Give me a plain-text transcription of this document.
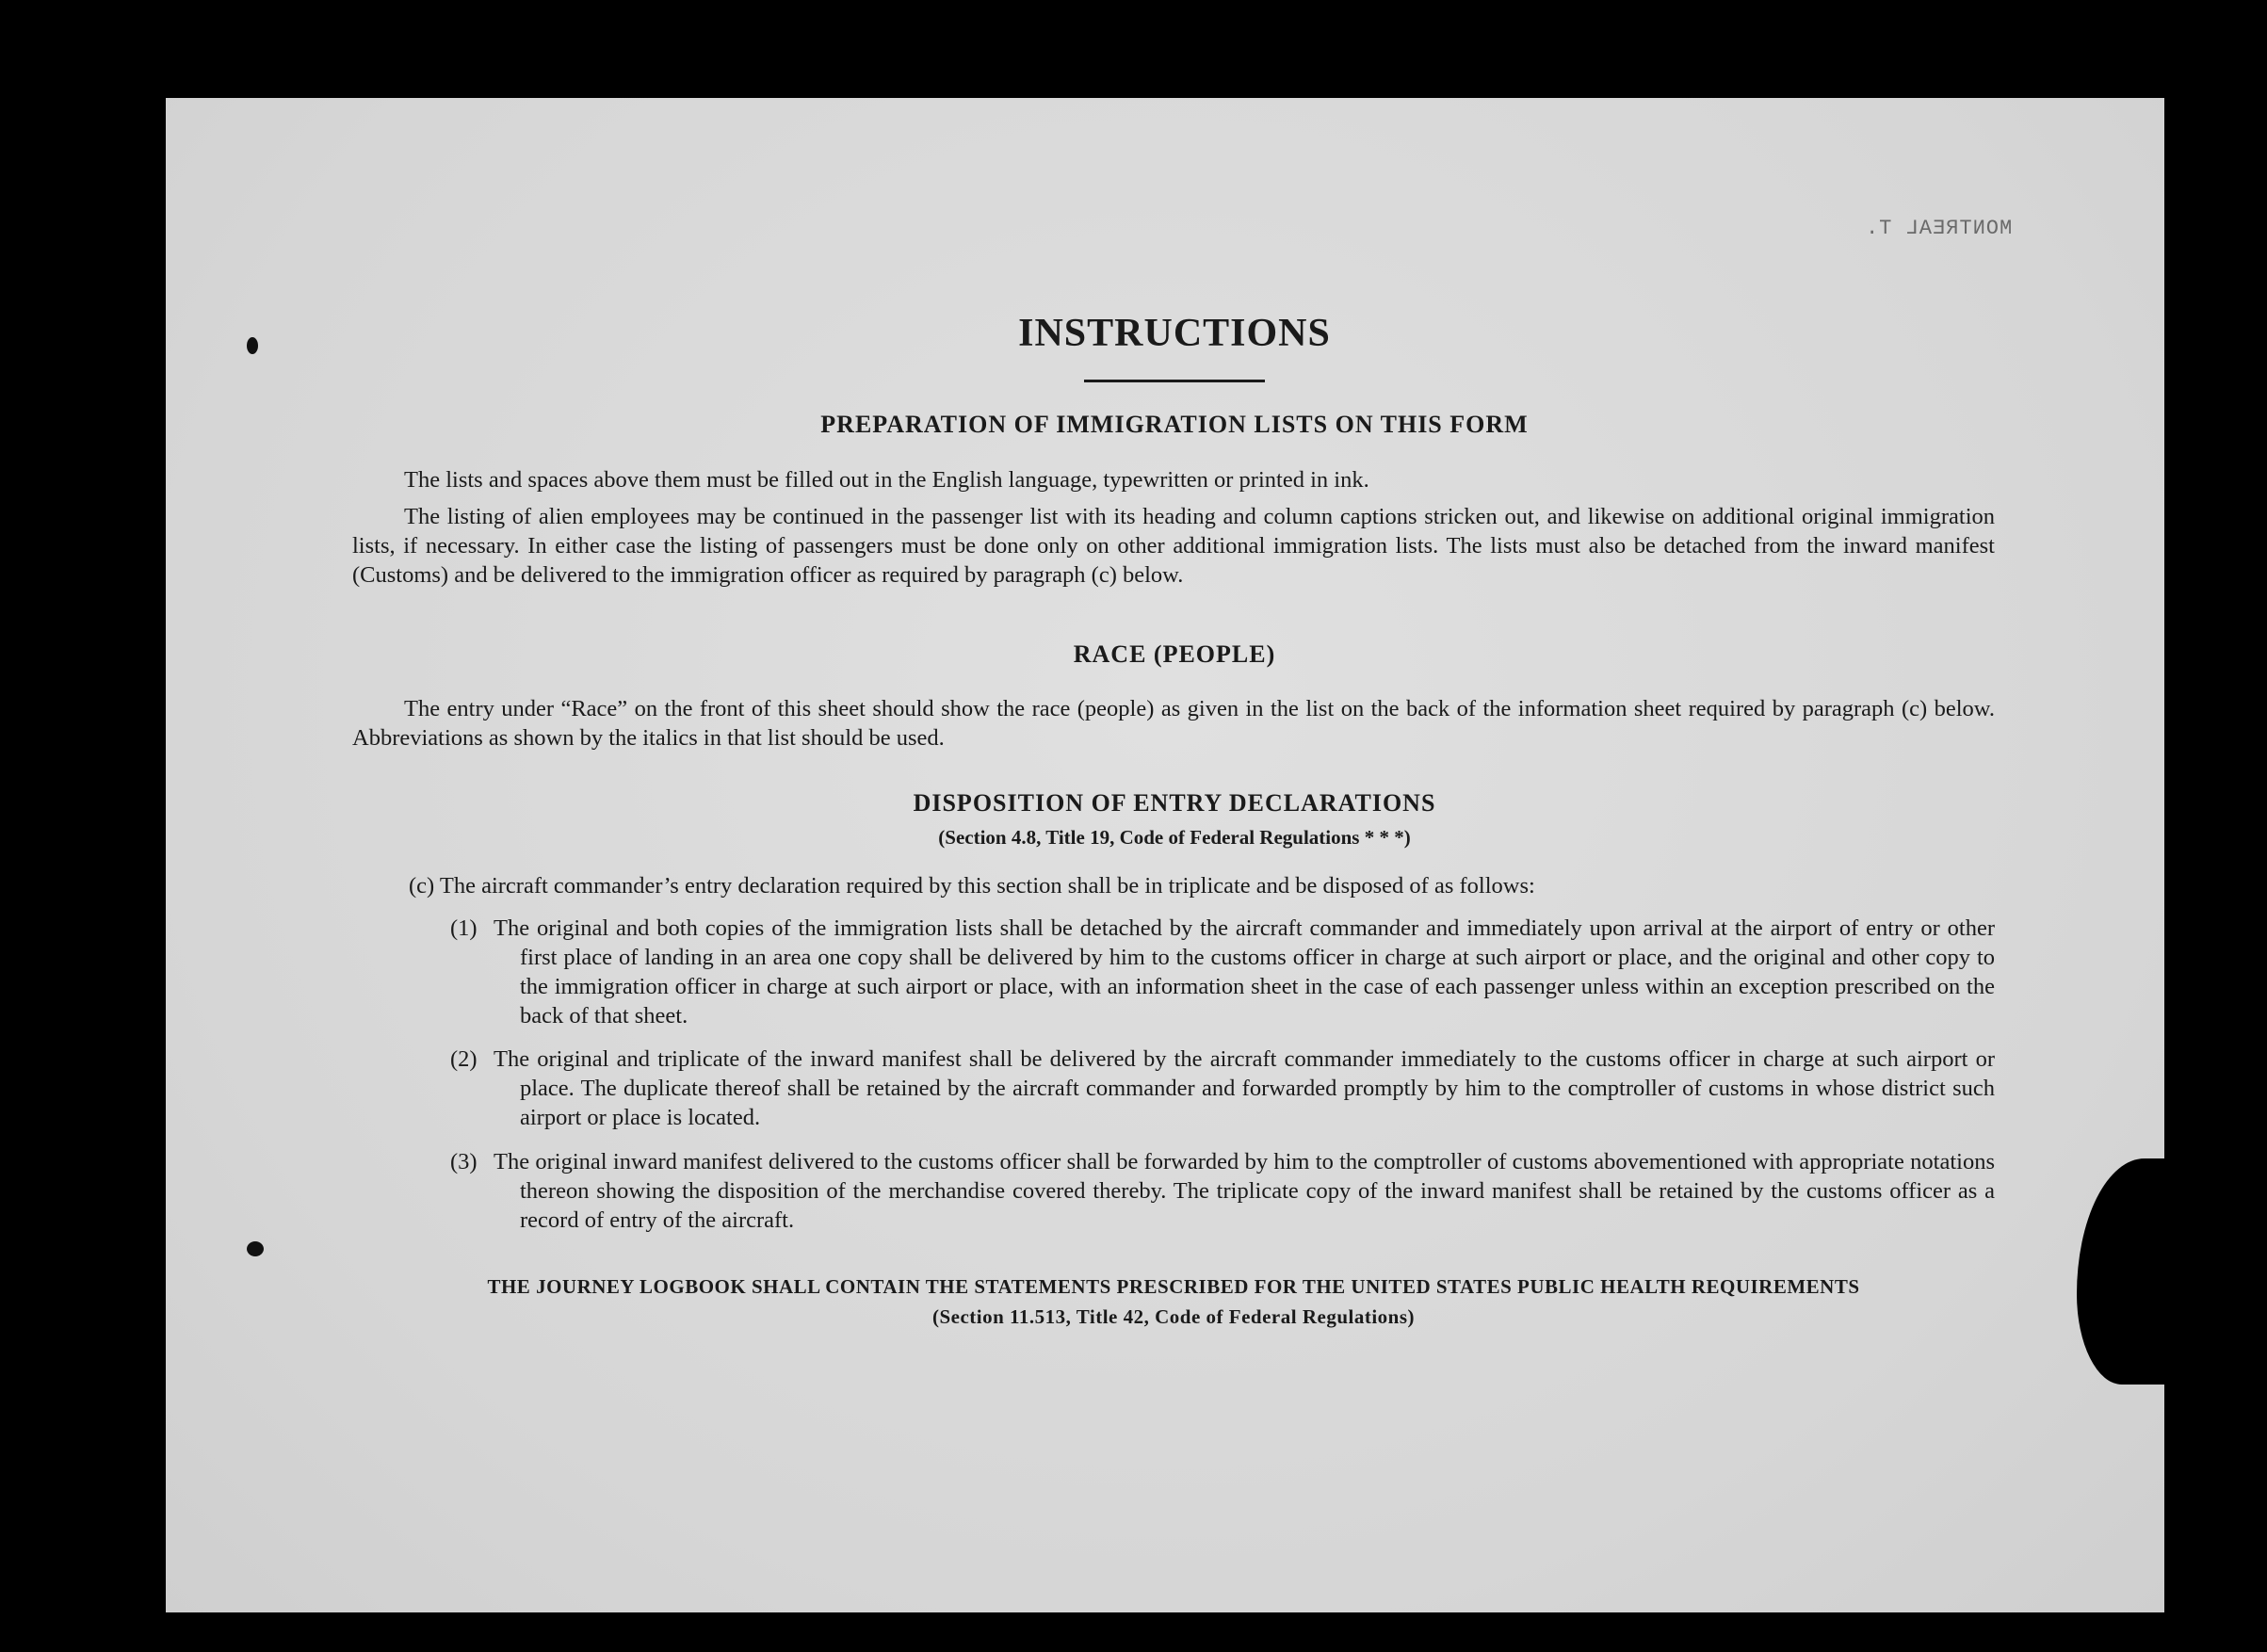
MONTREAL T.
INSTRUCTIONS
PREPARATION OF IMMIGRATION LISTS ON THIS FORM
The lists and spaces above them must be filled out in the English language, typewritten or printed in ink.
The listing of alien employees may be continued in the passenger list with its heading and column captions stricken out, and likewise on additional original immigration lists, if necessary. In either case the listing of passengers must be done only on other additional immigration lists. The lists must also be detached from the inward manifest (Customs) and be delivered to the immigration officer as required by paragraph (c) below.
RACE (PEOPLE)
The entry under “Race” on the front of this sheet should show the race (people) as given in the list on the back of the information sheet required by paragraph (c) below. Abbreviations as shown by the italics in that list should be used.
DISPOSITION OF ENTRY DECLARATIONS
(Section 4.8, Title 19, Code of Federal Regulations * * *)
(c) The aircraft commander’s entry declaration required by this section shall be in triplicate and be disposed of as follows:
(1) The original and both copies of the immigration lists shall be detached by the aircraft commander and immediately upon arrival at the airport of entry or other first place of landing in an area one copy shall be delivered by him to the customs officer in charge at such airport or place, and the original and other copy to the immigration officer in charge at such airport or place, with an information sheet in the case of each passenger unless within an exception prescribed on the back of that sheet.
(2) The original and triplicate of the inward manifest shall be delivered by the aircraft commander immediately to the customs officer in charge at such airport or place. The duplicate thereof shall be retained by the aircraft commander and forwarded promptly by him to the comptroller of customs in whose district such airport or place is located.
(3) The original inward manifest delivered to the customs officer shall be forwarded by him to the comptroller of customs abovementioned with appropriate notations thereon showing the disposition of the merchandise covered thereby. The triplicate copy of the inward manifest shall be retained by the customs officer as a record of entry of the aircraft.
THE JOURNEY LOGBOOK SHALL CONTAIN THE STATEMENTS PRESCRIBED FOR THE UNITED STATES PUBLIC HEALTH REQUIREMENTS
(Section 11.513, Title 42, Code of Federal Regulations)
